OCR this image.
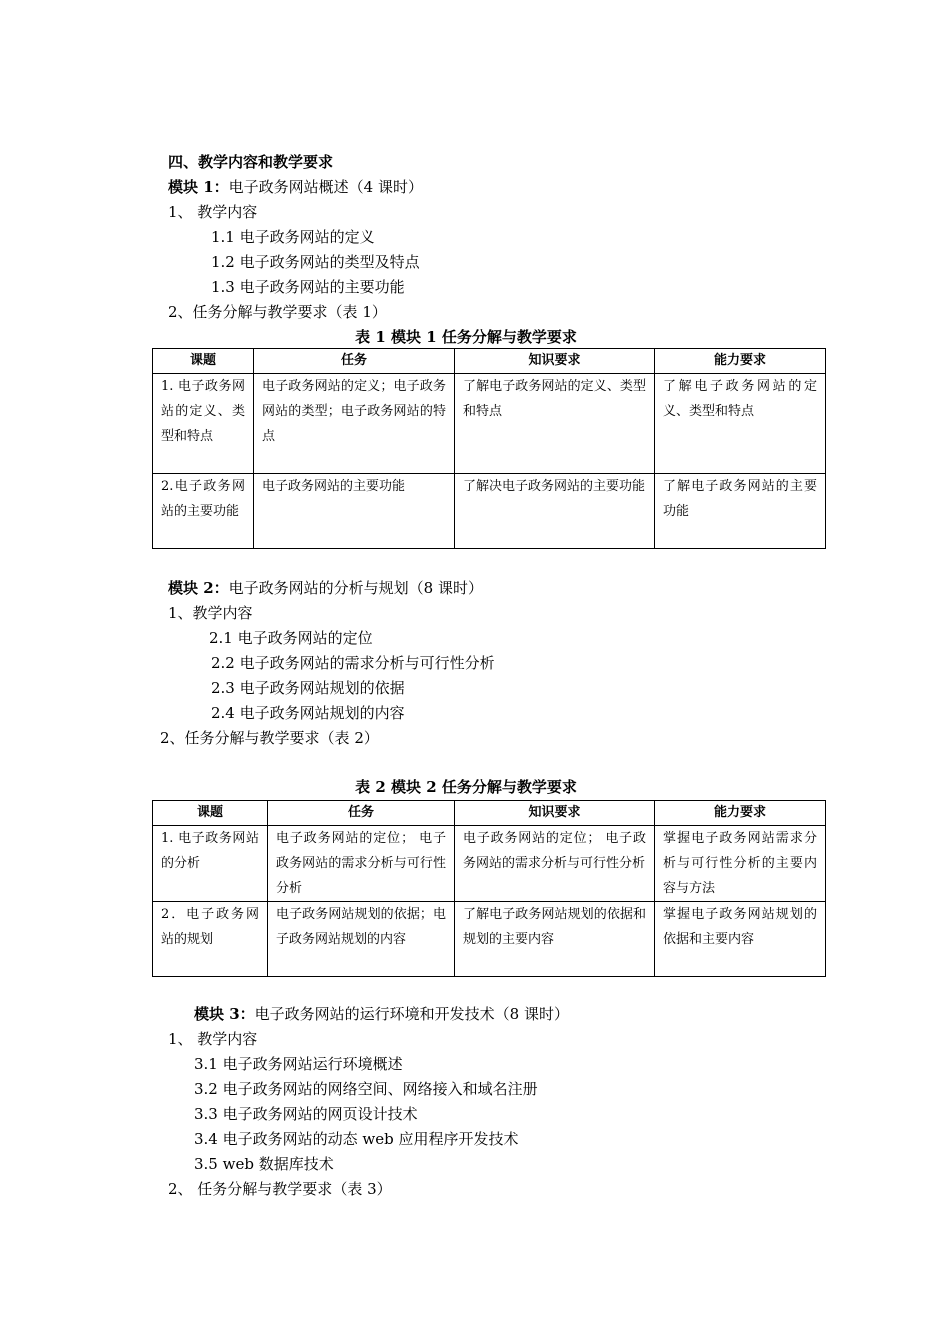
四、教学内容和教学要求
模块 1：电子政务网站概述（4 课时）
1、 教学内容
1.1 电子政务网站的定义
1.2 电子政务网站的类型及特点
1.3 电子政务网站的主要功能
2、任务分解与教学要求（表 1）
表 1 模块 1 任务分解与教学要求
课题	任务	知识要求	能力要求
1. 电子政务网站的定义、类型和特点	电子政务网站的定义；电子政务网站的类型；电子政务网站的特点	了解电子政务网站的定义、类型和特点	了解电子政务网站的定义、类型和特点
2.电子政务网站的主要功能	电子政务网站的主要功能	了解决电子政务网站的主要功能	了解电子政务网站的主要功能
模块 2：电子政务网站的分析与规划（8 课时）
1、教学内容
2.1 电子政务网站的定位
2.2 电子政务网站的需求分析与可行性分析
2.3 电子政务网站规划的依据
2.4 电子政务网站规划的内容
2、任务分解与教学要求（表 2）
表 2 模块 2 任务分解与教学要求
课题	任务	知识要求	能力要求
1. 电子政务网站的分析	电子政务网站的定位； 电子政务网站的需求分析与可行性分析	电子政务网站的定位； 电子政务网站的需求分析与可行性分析	掌握电子政务网站需求分析与可行性分析的主要内容与方法
2．电子政务网站的规划	电子政务网站规划的依据；电子政务网站规划的内容	了解电子政务网站规划的依据和规划的主要内容	掌握电子政务网站规划的依据和主要内容
模块 3：电子政务网站的运行环境和开发技术（8 课时）
1、 教学内容
3.1 电子政务网站运行环境概述
3.2 电子政务网站的网络空间、网络接入和域名注册
3.3 电子政务网站的网页设计技术
3.4 电子政务网站的动态 web 应用程序开发技术
3.5 web 数据库技术
2、 任务分解与教学要求（表 3）
